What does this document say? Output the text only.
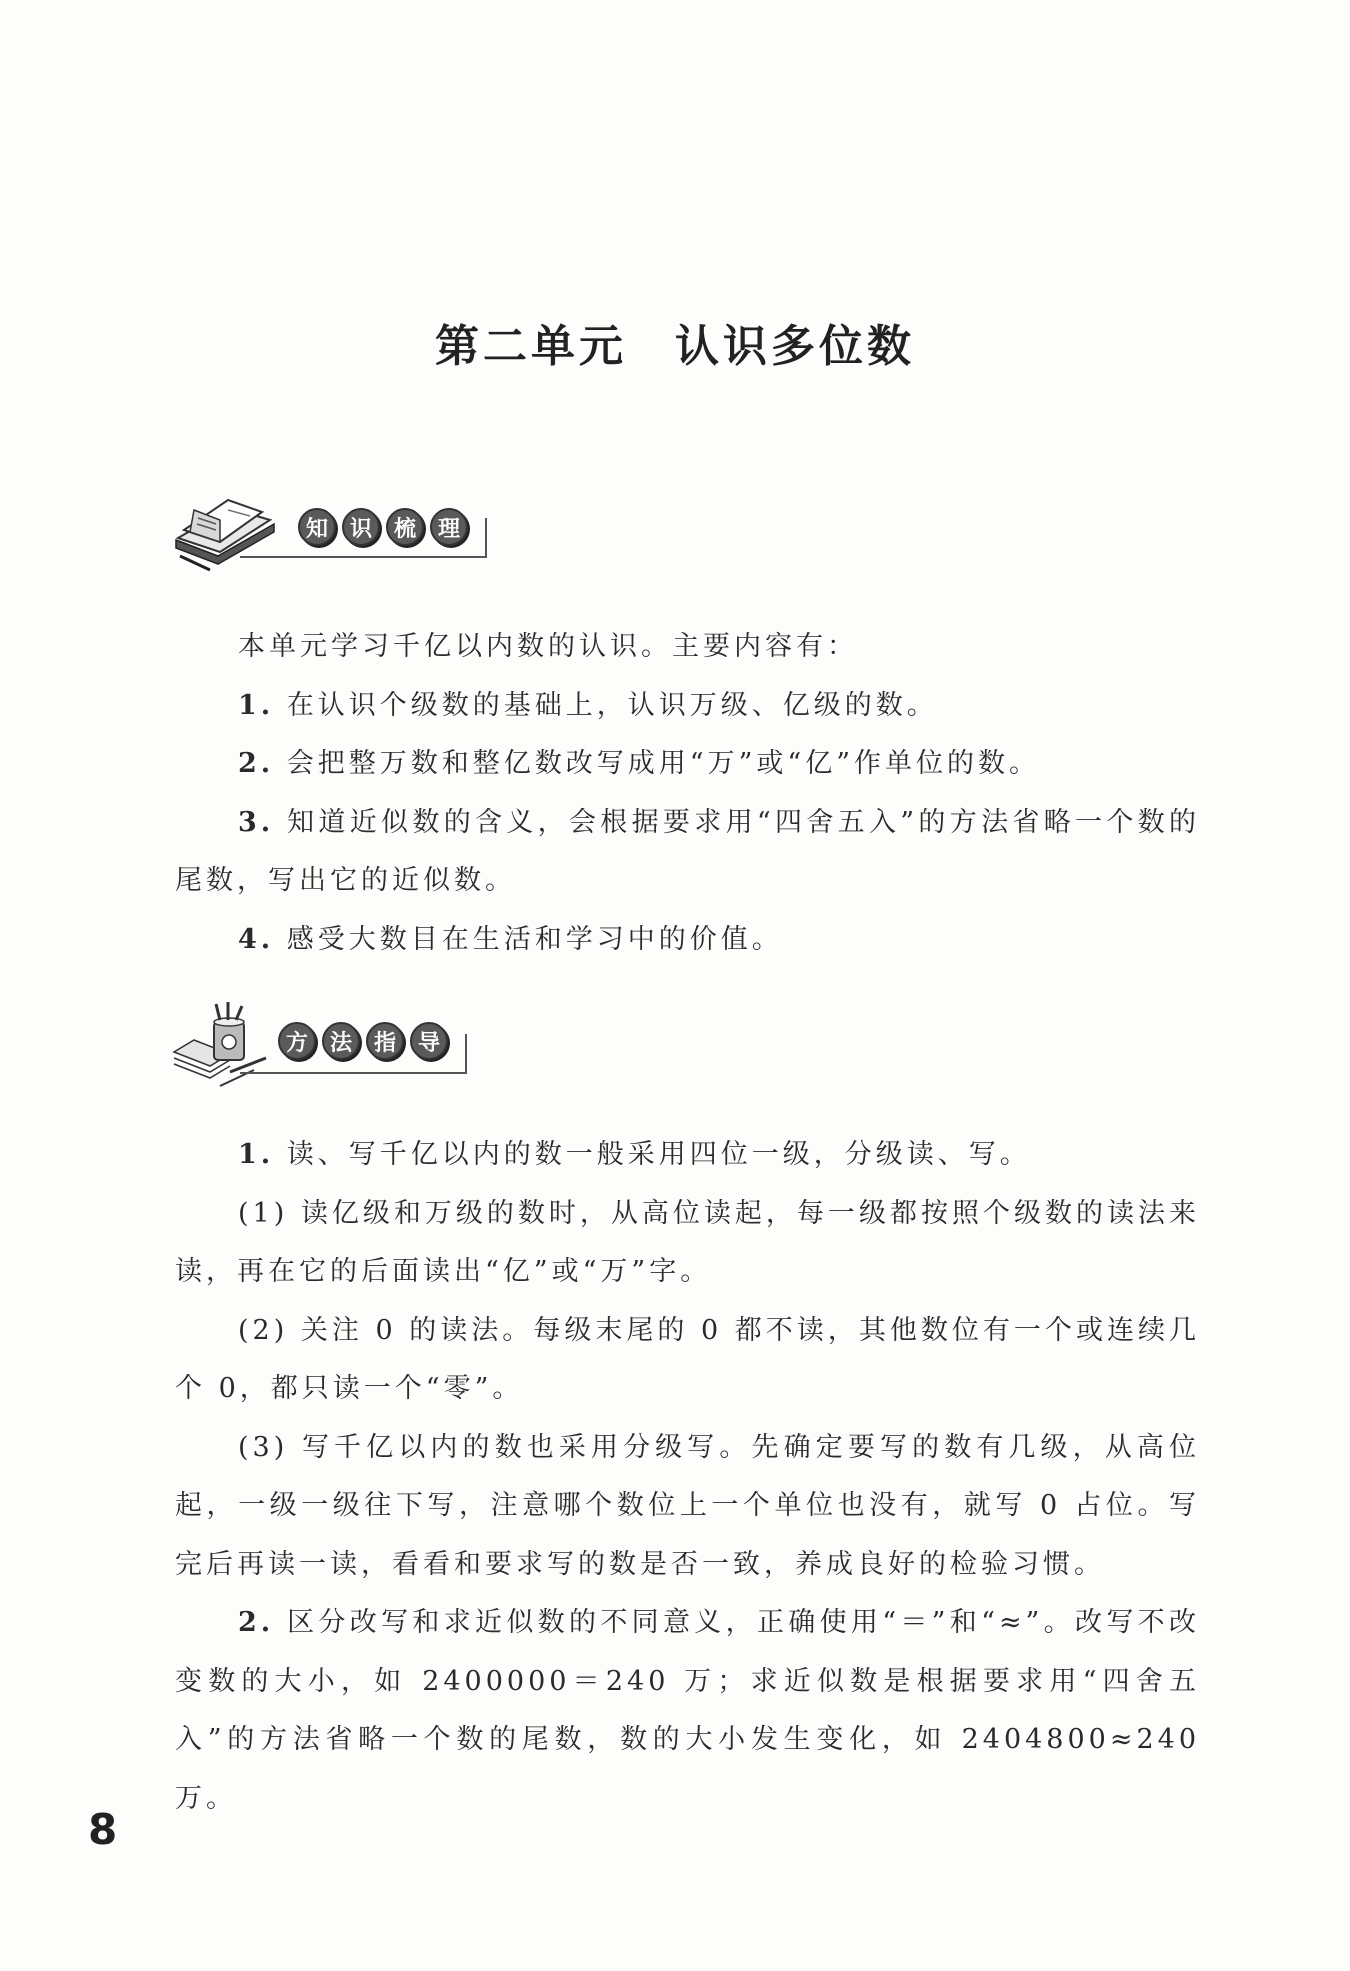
第二单元　认识多位数
知 识 梳 理

本单元学习千亿以内数的认识。主要内容有：

1. 在认识个级数的基础上，认识万级、亿级的数。

2. 会把整万数和整亿数改写成用“万”或“亿”作单位的数。

3. 知道近似数的含义，会根据要求用“四舍五入”的方法省略一个数的尾数，写出它的近似数。

4. 感受大数目在生活和学习中的价值。

方 法 指 导

1. 读、写千亿以内的数一般采用四位一级，分级读、写。

(1) 读亿级和万级的数时，从高位读起，每一级都按照个级数的读法来读，再在它的后面读出“亿”或“万”字。

(2) 关注 0 的读法。每级末尾的 0 都不读，其他数位有一个或连续几个 0，都只读一个“零”。

(3) 写千亿以内的数也采用分级写。先确定要写的数有几级，从高位起，一级一级往下写，注意哪个数位上一个单位也没有，就写 0 占位。写完后再读一读，看看和要求写的数是否一致，养成良好的检验习惯。

2. 区分改写和求近似数的不同意义，正确使用“＝”和“≈”。改写不改变数的大小，如 2400000＝240 万；求近似数是根据要求用“四舍五入”的方法省略一个数的尾数，数的大小发生变化，如 2404800≈240 万。

8
